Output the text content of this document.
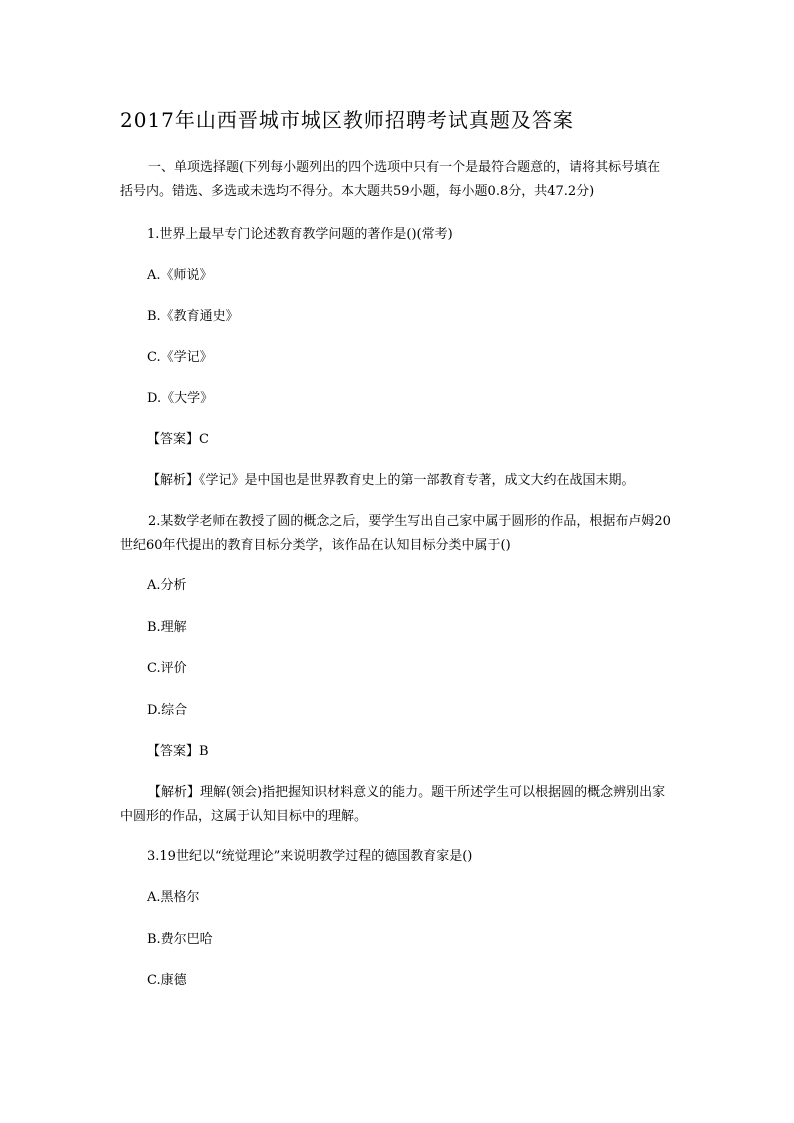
2017年山西晋城市城区教师招聘考试真题及答案
一、单项选择题(下列每小题列出的四个选项中只有一个是最符合题意的，请将其标号填在括号内。错选、多选或未选均不得分。本大题共59小题，每小题0.8分，共47.2分)
1.世界上最早专门论述教育教学问题的著作是()(常考)
A.《师说》
B.《教育通史》
C.《学记》
D.《大学》
【答案】C
【解析】《学记》是中国也是世界教育史上的第一部教育专著，成文大约在战国末期。
2.某数学老师在教授了圆的概念之后，要学生写出自己家中属于圆形的作品，根据布卢姆20世纪60年代提出的教育目标分类学，该作品在认知目标分类中属于()
A.分析
B.理解
C.评价
D.综合
【答案】B
【解析】理解(领会)指把握知识材料意义的能力。题干所述学生可以根据圆的概念辨别出家中圆形的作品，这属于认知目标中的理解。
3.19世纪以“统觉理论”来说明教学过程的德国教育家是()
A.黑格尔
B.费尔巴哈
C.康德
